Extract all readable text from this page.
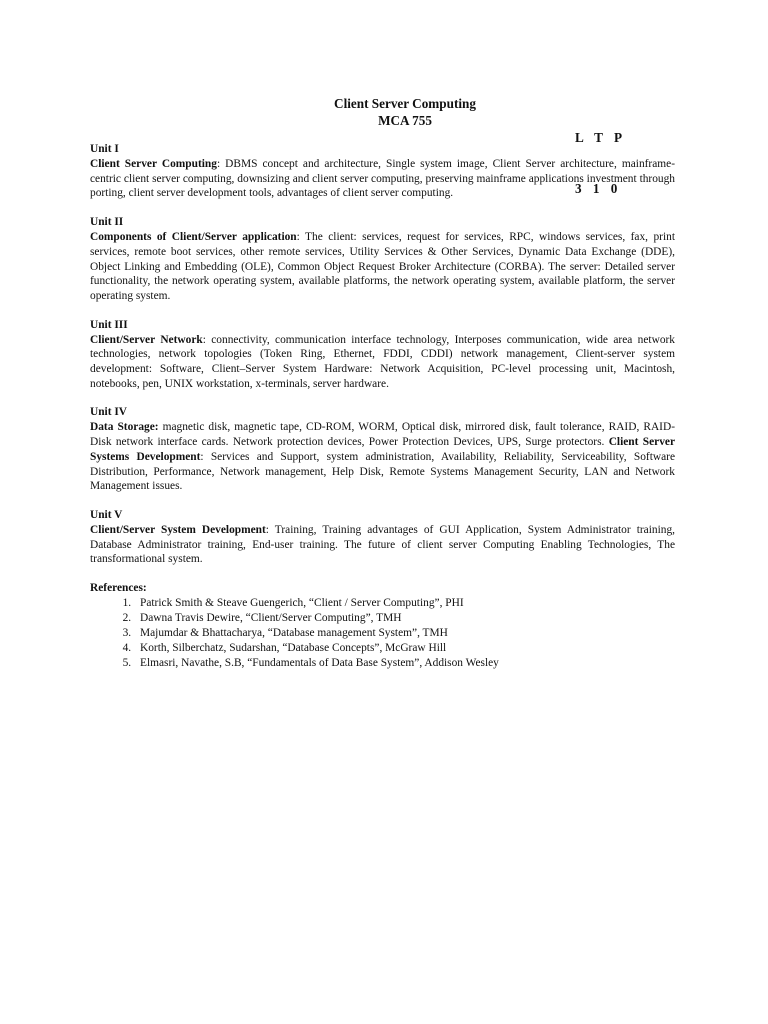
Client Server Computing
MCA 755

L T P

3 1 0

Unit I
Client Server Computing: DBMS concept and architecture, Single system image, Client Server architecture, mainframe-centric client server computing, downsizing and client server computing, preserving mainframe applications investment through porting, client server development tools, advantages of client server computing.
Unit II
Components of Client/Server application: The client: services, request for services, RPC, windows services, fax, print services, remote boot services, other remote services, Utility Services & Other Services, Dynamic Data Exchange (DDE), Object Linking and Embedding (OLE), Common Object Request Broker Architecture (CORBA). The server: Detailed server functionality, the network operating system, available platforms, the network operating system, available platform, the server operating system.
Unit III
Client/Server Network: connectivity, communication interface technology, Interposes communication, wide area network technologies, network topologies (Token Ring, Ethernet, FDDI, CDDI) network management, Client-server system development: Software, Client–Server System Hardware: Network Acquisition, PC-level processing unit, Macintosh, notebooks, pen, UNIX workstation, x-terminals, server hardware.
Unit IV
Data Storage: magnetic disk, magnetic tape, CD-ROM, WORM, Optical disk, mirrored disk, fault tolerance, RAID, RAID-Disk network interface cards. Network protection devices, Power Protection Devices, UPS, Surge protectors. Client Server Systems Development: Services and Support, system administration, Availability, Reliability, Serviceability, Software Distribution, Performance, Network management, Help Disk, Remote Systems Management Security, LAN and Network Management issues.
Unit V
Client/Server System Development: Training, Training advantages of GUI Application, System Administrator training, Database Administrator training, End-user training. The future of client server Computing Enabling Technologies, The transformational system.
References:
1. Patrick Smith & Steave Guengerich, “Client / Server Computing”, PHI
2. Dawna Travis Dewire, “Client/Server Computing”, TMH
3. Majumdar & Bhattacharya, “Database management System”, TMH
4. Korth, Silberchatz, Sudarshan, “Database Concepts”, McGraw Hill
5. Elmasri, Navathe, S.B, “Fundamentals of Data Base System”, Addison Wesley
